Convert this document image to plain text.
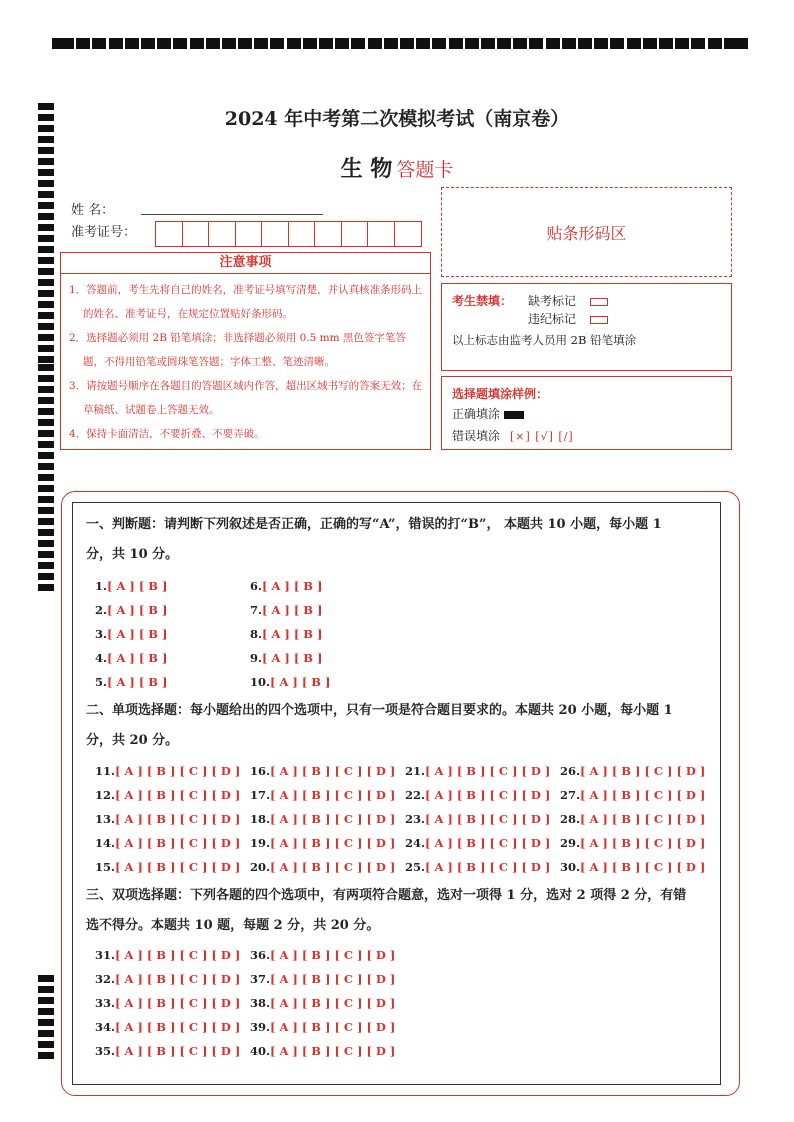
2024 年中考第二次模拟考试（南京卷）
生 物 答题卡
姓 名：
准考证号：	贴条形码区
注意事项

1．答题前，考生先将自己的姓名，准考证号填写清楚，并认真核准条形码上的姓名、准考证号，在规定位置贴好条形码。

2．选择题必须用 2B 铅笔填涂；非选择题必须用 0.5 mm 黑色签字笔答题，不得用铅笔或圆珠笔答题；字体工整、笔迹清晰。

3．请按题号顺序在各题目的答题区域内作答，超出区域书写的答案无效；在草稿纸、试题卷上答题无效。

4．保持卡面清洁，不要折叠、不要弄破。

考生禁填： 缺考标记
违纪标记
以上标志由监考人员用 2B 铅笔填涂
选择题填涂样例：
正确填涂
错误填涂 [×] [√] [/]
一、判断题：请判断下列叙述是否正确，正确的写“A”，错误的打“B”， 本题共 10 小题，每小题 1
分，共 10 分。
1.[ A ] [ B ]
2.[ A ] [ B ]
3.[ A ] [ B ]
4.[ A ] [ B ]
5.[ A ] [ B ]
6.[ A ] [ B ]
7.[ A ] [ B ]
8.[ A ] [ B ]
9.[ A ] [ B ]
10.[ A ] [ B ]
二、单项选择题：每小题给出的四个选项中，只有一项是符合题目要求的。本题共 20 小题，每小题 1
分，共 20 分。
11.[ A ] [ B ] [ C ] [ D ]
12.[ A ] [ B ] [ C ] [ D ]
13.[ A ] [ B ] [ C ] [ D ]
14.[ A ] [ B ] [ C ] [ D ]
15.[ A ] [ B ] [ C ] [ D ]
16.[ A ] [ B ] [ C ] [ D ]
17.[ A ] [ B ] [ C ] [ D ]
18.[ A ] [ B ] [ C ] [ D ]
19.[ A ] [ B ] [ C ] [ D ]
20.[ A ] [ B ] [ C ] [ D ]
21.[ A ] [ B ] [ C ] [ D ]
22.[ A ] [ B ] [ C ] [ D ]
23.[ A ] [ B ] [ C ] [ D ]
24.[ A ] [ B ] [ C ] [ D ]
25.[ A ] [ B ] [ C ] [ D ]
26.[ A ] [ B ] [ C ] [ D ]
27.[ A ] [ B ] [ C ] [ D ]
28.[ A ] [ B ] [ C ] [ D ]
29.[ A ] [ B ] [ C ] [ D ]
30.[ A ] [ B ] [ C ] [ D ]
三、双项选择题：下列各题的四个选项中，有两项符合题意，选对一项得 1 分，选对 2 项得 2 分，有错
选不得分。本题共 10 题，每题 2 分，共 20 分。
31.[ A ] [ B ] [ C ] [ D ]
32.[ A ] [ B ] [ C ] [ D ]
33.[ A ] [ B ] [ C ] [ D ]
34.[ A ] [ B ] [ C ] [ D ]
35.[ A ] [ B ] [ C ] [ D ]
36.[ A ] [ B ] [ C ] [ D ]
37.[ A ] [ B ] [ C ] [ D ]
38.[ A ] [ B ] [ C ] [ D ]
39.[ A ] [ B ] [ C ] [ D ]
40.[ A ] [ B ] [ C ] [ D ]
